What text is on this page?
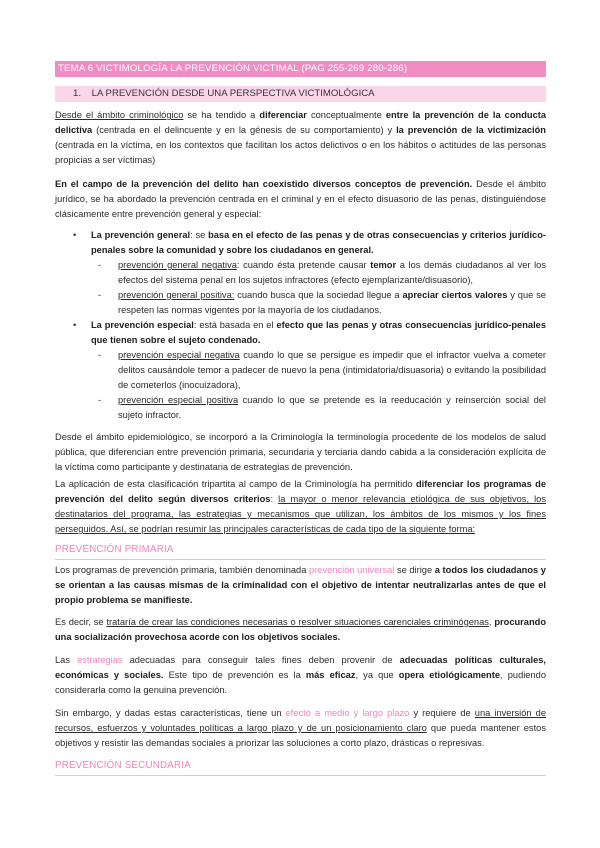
TEMA 6 VICTIMOLOGÍA LA PREVENCIÓN VICTIMAL (PAG 255-269 280-286)
1. LA PREVENCIÓN DESDE UNA PERSPECTIVA VICTIMOLÓGICA

Desde el ámbito criminológico se ha tendido a diferenciar conceptualmente entre la prevención de la conducta delictiva (centrada en el delincuente y en la génesis de su comportamiento) y la prevención de la victimización (centrada en la víctima, en los contextos que facilitan los actos delictivos o en los hábitos o actitudes de las personas propicias a ser víctimas)

En el campo de la prevención del delito han coexistido diversos conceptos de prevención. Desde el ámbito jurídico, se ha abordado la prevención centrada en el criminal y en el efecto disuasorio de las penas, distinguiéndose clásicamente entre prevención general y especial:

• La prevención general: se basa en el efecto de las penas y de otras consecuencias y criterios jurídico-penales sobre la comunidad y sobre los ciudadanos en general.

- prevención general negativa: cuando ésta pretende causar temor a los demás ciudadanos al ver los efectos del sistema penal en los sujetos infractores (efecto ejemplarizante/disuasorio),

- prevención general positiva: cuando busca que la sociedad llegue a apreciar ciertos valores y que se respeten las normas vigentes por la mayoría de los ciudadanos.

• La prevención especial: está basada en el efecto que las penas y otras consecuencias jurídico-penales que tienen sobre el sujeto condenado.

- prevención especial negativa cuando lo que se persigue es impedir que el infractor vuelva a cometer delitos causándole temor a padecer de nuevo la pena (intimidatoria/disuasoria) o evitando la posibilidad de cometerlos (inocuizadora),

- prevención especial positiva cuando lo que se pretende es la reeducación y reinserción social del sujeto infractor.

Desde el ámbito epidemiológico, se incorporó a la Criminología la terminología procedente de los modelos de salud pública, que diferencian entre prevención primaria, secundaria y terciaria dando cabida a la consideración explícita de la víctima como participante y destinataria de estrategias de prevención.

La aplicación de esta clasificación tripartita al campo de la Criminología ha permitido diferenciar los programas de prevención del delito según diversos criterios: la mayor o menor relevancia etiológica de sus objetivos, los destinatarios del programa, las estrategias y mecanismos que utilizan, los ámbitos de los mismos y los fines perseguidos. Así, se podrían resumir las principales características de cada tipo de la siguiente forma:

PREVENCIÓN PRIMARIA

Los programas de prevención primaria, también denominada prevención universal se dirige a todos los ciudadanos y se orientan a las causas mismas de la criminalidad con el objetivo de intentar neutralizarlas antes de que el propio problema se manifieste.

Es decir, se trataría de crear las condiciones necesarias o resolver situaciones carenciales criminógenas, procurando una socialización provechosa acorde con los objetivos sociales.

Las estrategias adecuadas para conseguir tales fines deben provenir de adecuadas políticas culturales, económicas y sociales. Este tipo de prevención es la más eficaz, ya que opera etiológicamente, pudiendo considerarla como la genuina prevención.

Sin embargo, y dadas estas características, tiene un efecto a medio y largo plazo y requiere de una inversión de recursos, esfuerzos y voluntades políticas a largo plazo y de un posicionamiento claro que pueda mantener estos objetivos y resistir las demandas sociales a priorizar las soluciones a corto plazo, drásticas o represivas.

PREVENCIÓN SECUNDARIA
